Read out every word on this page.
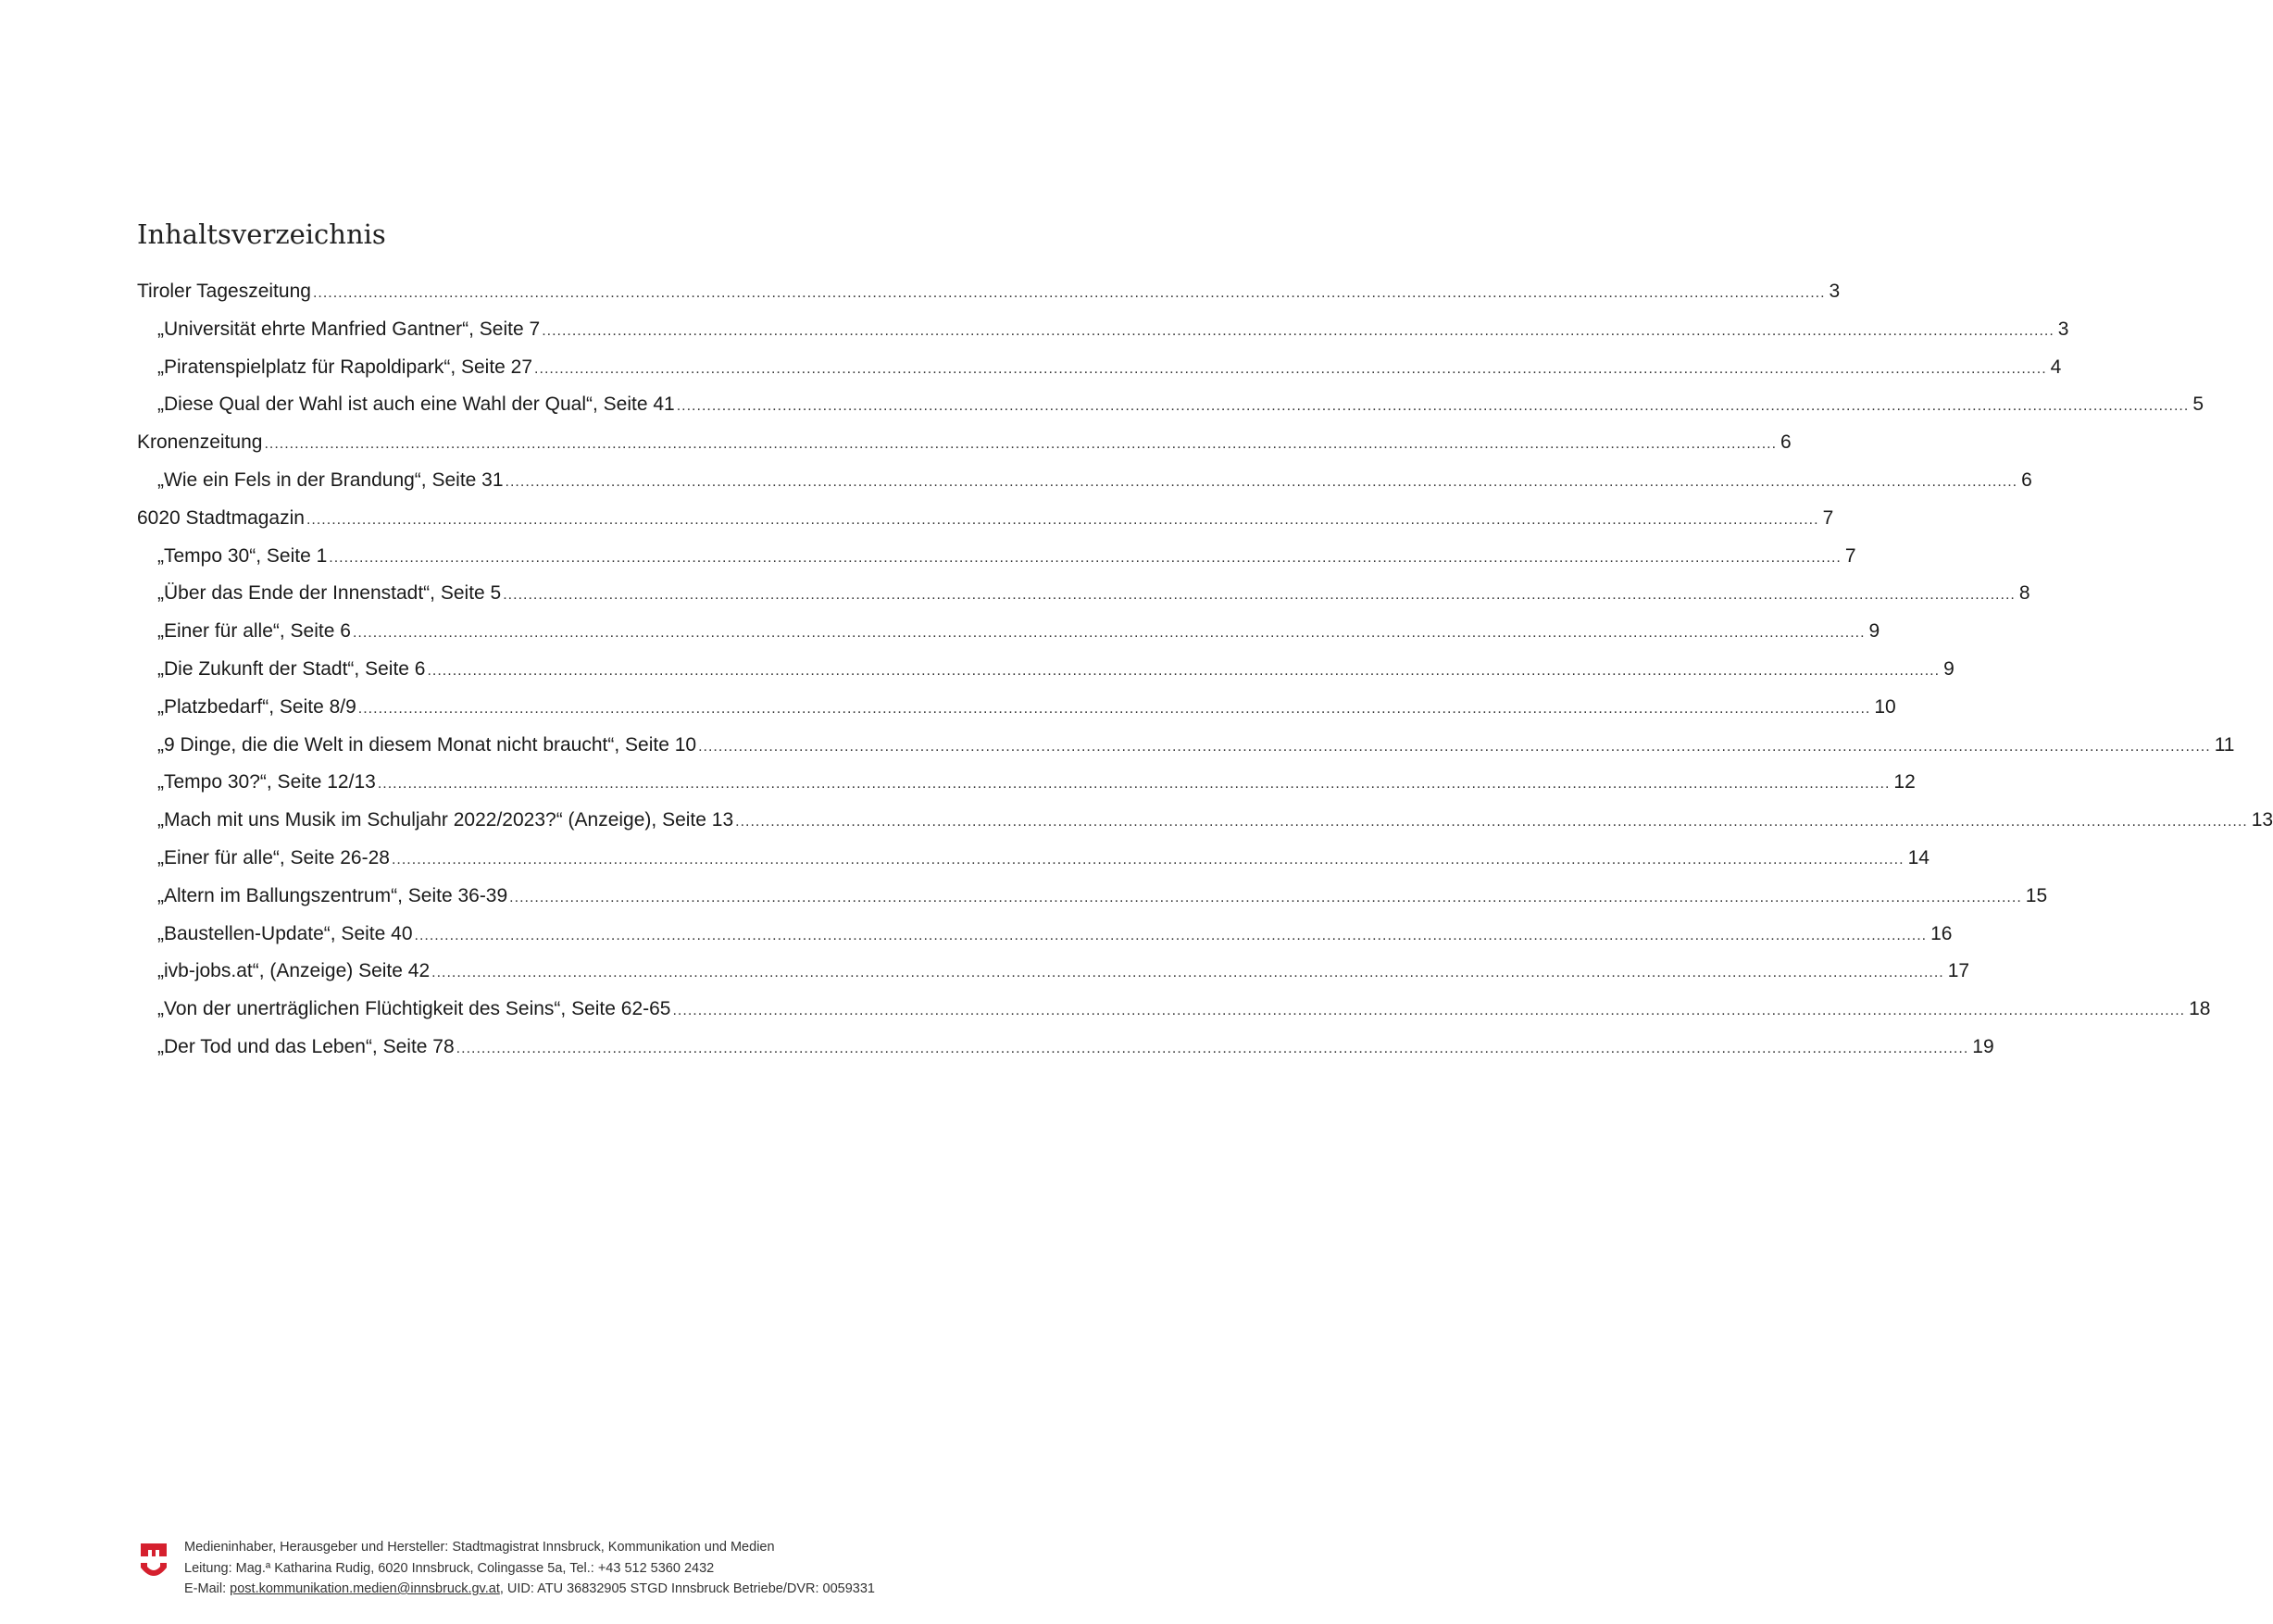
Inhaltsverzeichnis
Tiroler Tageszeitung ............................................................................................................................................................................................................................................................................................................ 3
„Universität ehrte Manfried Gantner“, Seite 7 ............................................................................................................................................................................................................................................................................................................ 3
„Piratenspielplatz für Rapoldipark“, Seite 27 ............................................................................................................................................................................................................................................................................................................ 4
„Diese Qual der Wahl ist auch eine Wahl der Qual“, Seite 41 ............................................................................................................................................................................................................................................................................................................ 5
Kronenzeitung ............................................................................................................................................................................................................................................................................................................ 6
„Wie ein Fels in der Brandung“, Seite 31 ............................................................................................................................................................................................................................................................................................................ 6
6020 Stadtmagazin ............................................................................................................................................................................................................................................................................................................ 7
„Tempo 30“, Seite 1 ............................................................................................................................................................................................................................................................................................................ 7
„Über das Ende der Innenstadt“, Seite 5 ............................................................................................................................................................................................................................................................................................................ 8
„Einer für alle“, Seite 6 ............................................................................................................................................................................................................................................................................................................ 9
„Die Zukunft der Stadt“, Seite 6 ............................................................................................................................................................................................................................................................................................................ 9
„Platzbedarf“, Seite 8/9 ............................................................................................................................................................................................................................................................................................................ 10
„9 Dinge, die die Welt in diesem Monat nicht braucht“, Seite 10 ............................................................................................................................................................................................................................................................................................................ 11
„Tempo 30?“, Seite 12/13 ............................................................................................................................................................................................................................................................................................................ 12
„Mach mit uns Musik im Schuljahr 2022/2023?“ (Anzeige), Seite 13 ............................................................................................................................................................................................................................................................................................................ 13
„Einer für alle“, Seite 26-28 ............................................................................................................................................................................................................................................................................................................ 14
„Altern im Ballungszentrum“, Seite 36-39 ............................................................................................................................................................................................................................................................................................................ 15
„Baustellen-Update“, Seite 40 ............................................................................................................................................................................................................................................................................................................ 16
„ivb-jobs.at“, (Anzeige) Seite 42 ............................................................................................................................................................................................................................................................................................................ 17
„Von der unerträglichen Flüchtigkeit des Seins“, Seite 62-65 ............................................................................................................................................................................................................................................................................................................ 18
„Der Tod und das Leben“, Seite 78 ............................................................................................................................................................................................................................................................................................................ 19
Medieninhaber, Herausgeber und Hersteller: Stadtmagistrat Innsbruck, Kommunikation und Medien
Leitung: Mag.ª Katharina Rudig, 6020 Innsbruck, Colingasse 5a, Tel.: +43 512 5360 2432
E-Mail: post.kommunikation.medien@innsbruck.gv.at, UID: ATU 36832905 STGD Innsbruck Betriebe/DVR: 0059331
